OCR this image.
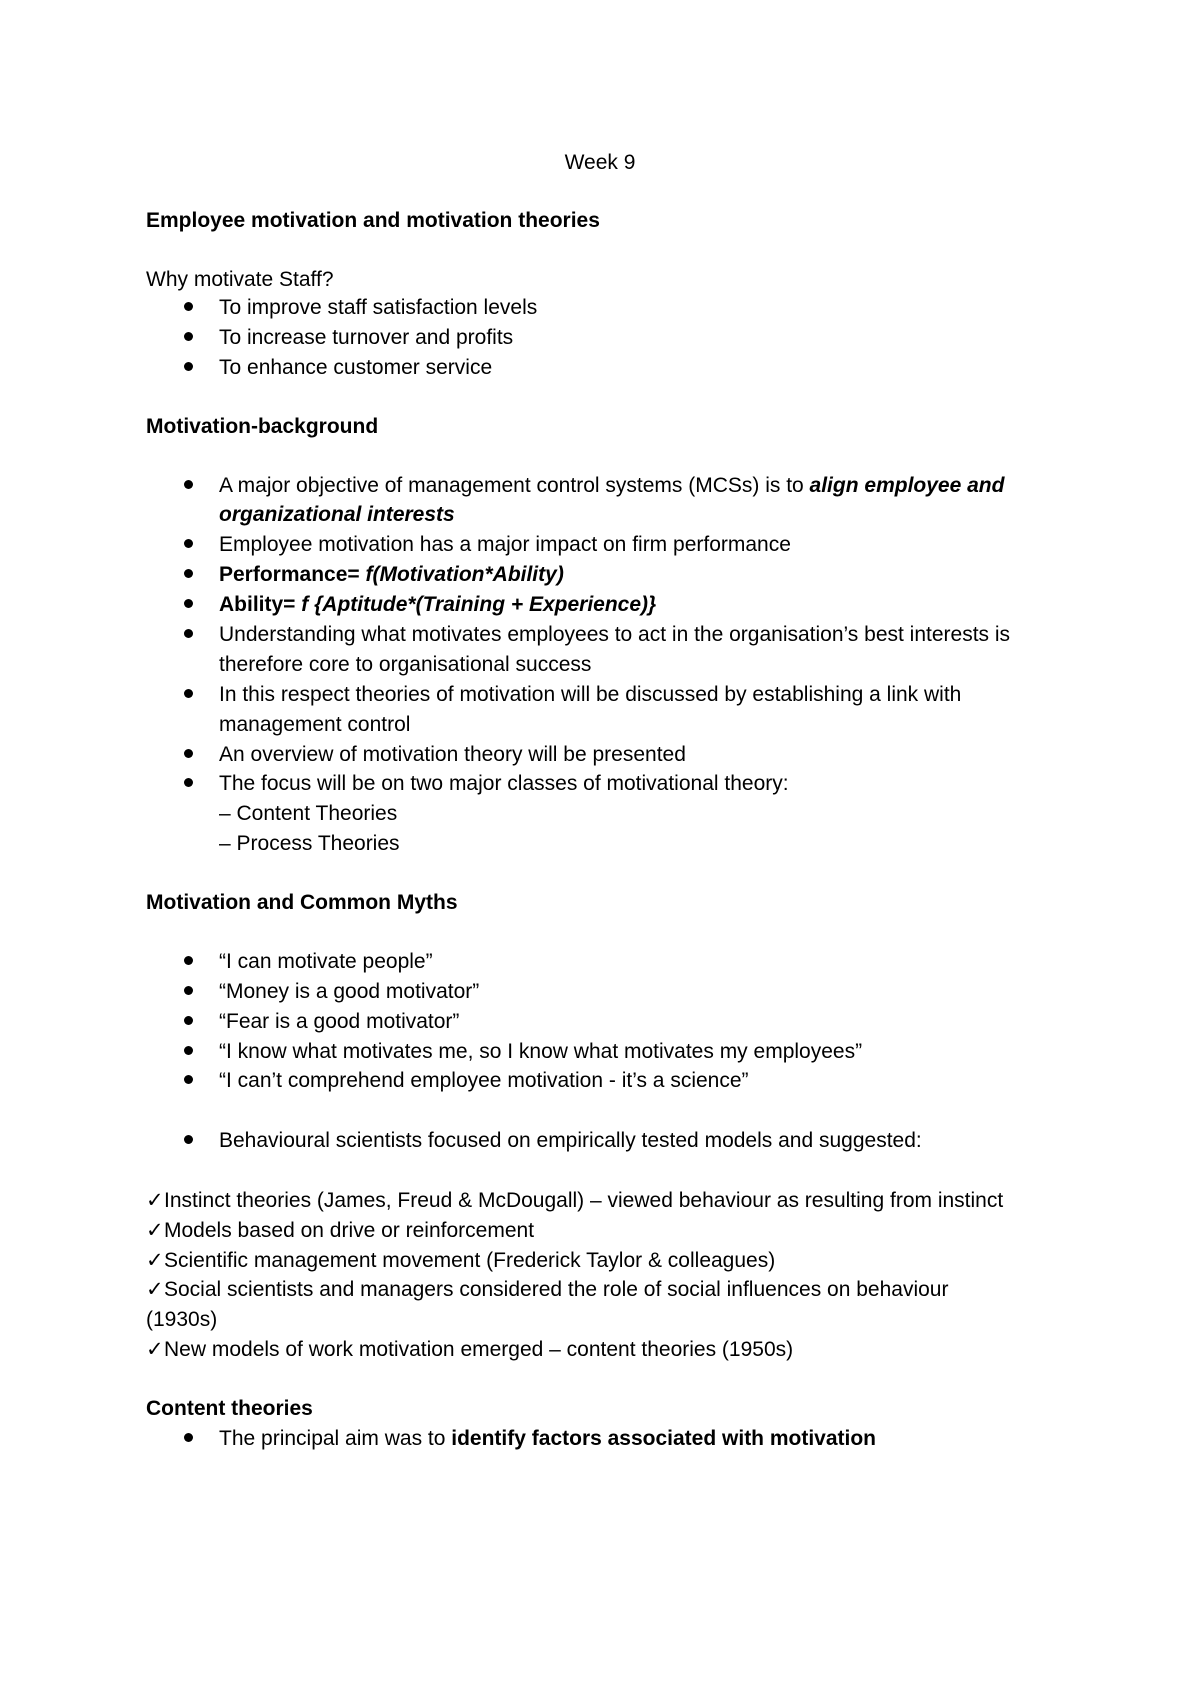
Week 9
Employee motivation and motivation theories
Why motivate Staff?
To improve staff satisfaction levels
To increase turnover and profits
To enhance customer service
Motivation-background
A major objective of management control systems (MCSs) is to align employee and
organizational interests
Employee motivation has a major impact on firm performance
Performance= f(Motivation*Ability)
Ability= f {Aptitude*(Training + Experience)}
Understanding what motivates employees to act in the organisation’s best interests is
therefore core to organisational success
In this respect theories of motivation will be discussed by establishing a link with
management control
An overview of motivation theory will be presented
The focus will be on two major classes of motivational theory:
– Content Theories
– Process Theories
Motivation and Common Myths
“I can motivate people”
“Money is a good motivator”
“Fear is a good motivator”
“I know what motivates me, so I know what motivates my employees”
“I can’t comprehend employee motivation - it’s a science”
Behavioural scientists focused on empirically tested models and suggested:
✓Instinct theories (James, Freud & McDougall) – viewed behaviour as resulting from instinct
✓Models based on drive or reinforcement
✓Scientific management movement (Frederick Taylor & colleagues)
✓Social scientists and managers considered the role of social influences on behaviour
(1930s)
✓New models of work motivation emerged – content theories (1950s)
Content theories
The principal aim was to identify factors associated with motivation
